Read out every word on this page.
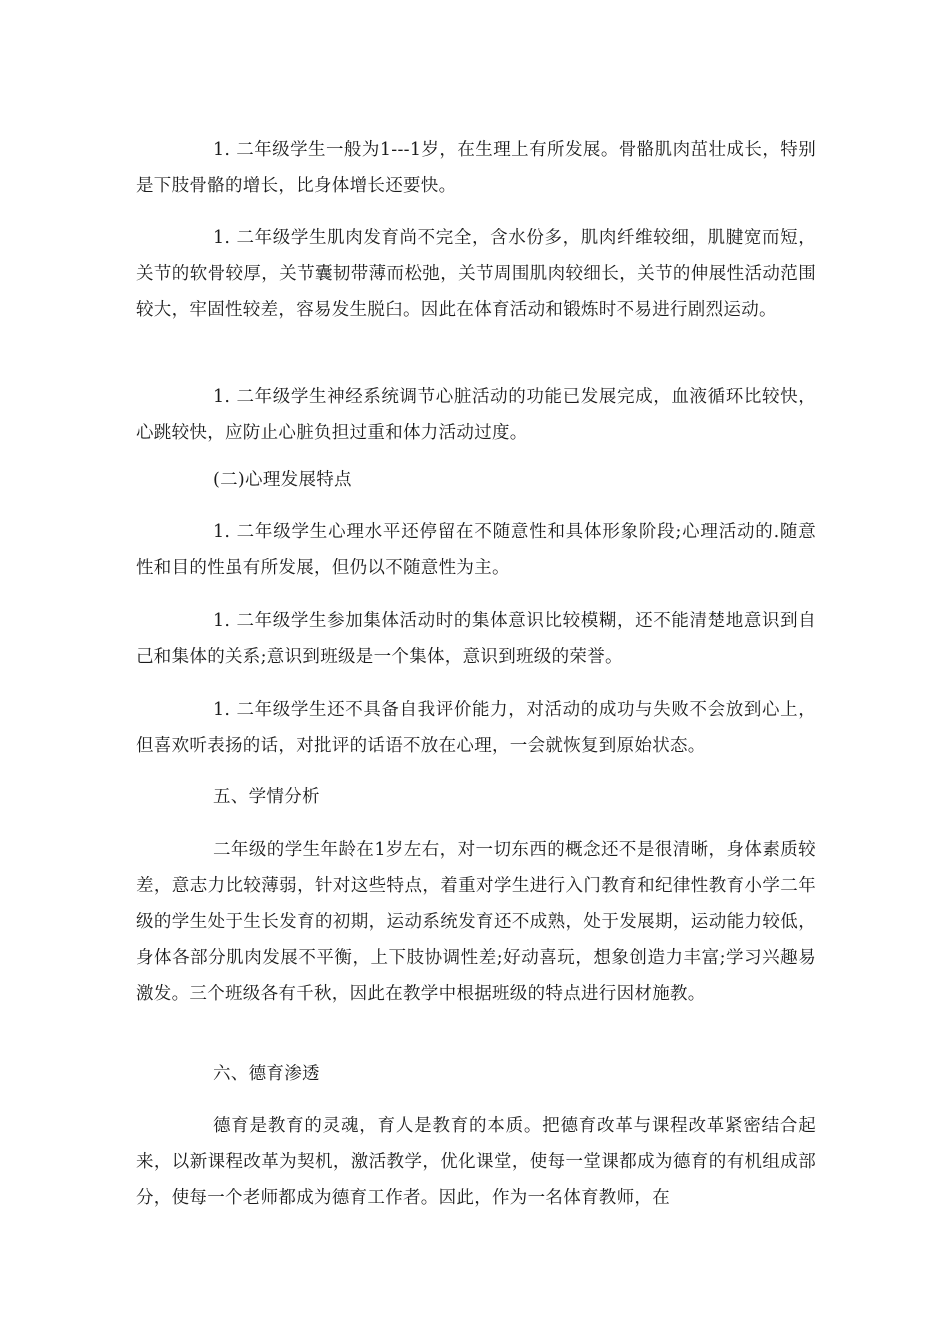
1. 二年级学生一般为1---1岁，在生理上有所发展。骨骼肌肉茁壮成长，特别是下肢骨骼的增长，比身体增长还要快。

1. 二年级学生肌肉发育尚不完全，含水份多，肌肉纤维较细，肌腱宽而短，关节的软骨较厚，关节囊韧带薄而松弛，关节周围肌肉较细长，关节的伸展性活动范围较大，牢固性较差，容易发生脱臼。因此在体育活动和锻炼时不易进行剧烈运动。

1. 二年级学生神经系统调节心脏活动的功能已发展完成，血液循环比较快，心跳较快，应防止心脏负担过重和体力活动过度。

(二)心理发展特点

1. 二年级学生心理水平还停留在不随意性和具体形象阶段;心理活动的.随意性和目的性虽有所发展，但仍以不随意性为主。

1. 二年级学生参加集体活动时的集体意识比较模糊，还不能清楚地意识到自己和集体的关系;意识到班级是一个集体，意识到班级的荣誉。

1. 二年级学生还不具备自我评价能力，对活动的成功与失败不会放到心上，但喜欢听表扬的话，对批评的话语不放在心理，一会就恢复到原始状态。

五、学情分析

二年级的学生年龄在1岁左右，对一切东西的概念还不是很清晰，身体素质较差，意志力比较薄弱，针对这些特点，着重对学生进行入门教育和纪律性教育小学二年级的学生处于生长发育的初期，运动系统发育还不成熟，处于发展期，运动能力较低，身体各部分肌肉发展不平衡，上下肢协调性差;好动喜玩，想象创造力丰富;学习兴趣易激发。三个班级各有千秋，因此在教学中根据班级的特点进行因材施教。

六、德育渗透

德育是教育的灵魂，育人是教育的本质。把德育改革与课程改革紧密结合起来，以新课程改革为契机，激活教学，优化课堂，使每一堂课都成为德育的有机组成部分，使每一个老师都成为德育工作者。因此，作为一名体育教师，在
